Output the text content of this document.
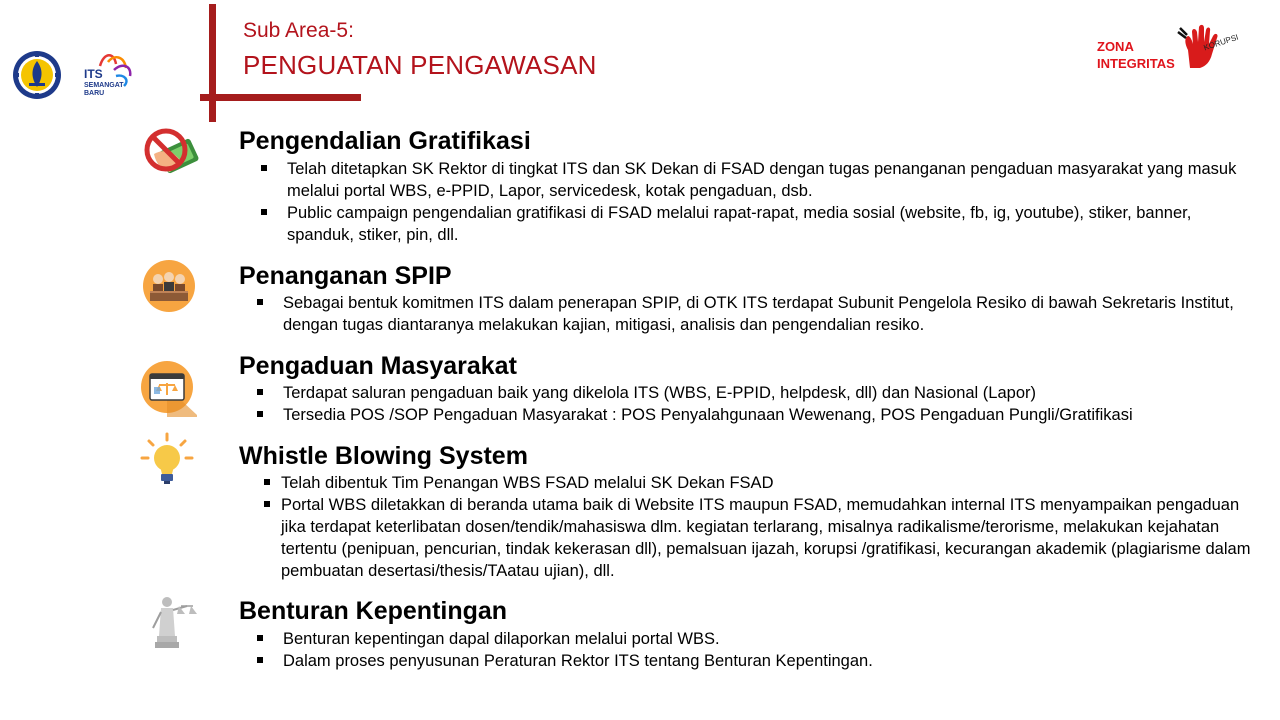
ITS
SEMANGAT
BARU
Sub Area-5:
PENGUATAN PENGAWASAN
ZONA
INTEGRITAS
KORUPSI
Pengendalian Gratifikasi
Telah ditetapkan SK Rektor di tingkat ITS dan SK Dekan di FSAD dengan tugas penanganan pengaduan masyarakat yang masuk melalui portal WBS, e-PPID, Lapor, servicedesk, kotak pengaduan, dsb.
Public campaign pengendalian gratifikasi di FSAD melalui rapat-rapat, media sosial (website, fb, ig, youtube), stiker, banner, spanduk, stiker, pin, dll.
Penanganan SPIP
Sebagai bentuk komitmen ITS dalam penerapan SPIP, di OTK ITS terdapat Subunit Pengelola Resiko di bawah Sekretaris Institut, dengan tugas diantaranya melakukan kajian, mitigasi, analisis dan pengendalian resiko.
Pengaduan Masyarakat
Terdapat saluran pengaduan baik yang dikelola ITS (WBS, E-PPID, helpdesk, dll) dan Nasional (Lapor)
Tersedia POS /SOP Pengaduan Masyarakat : POS Penyalahgunaan Wewenang, POS Pengaduan Pungli/Gratifikasi
Whistle Blowing System
Telah dibentuk Tim Penangan WBS FSAD melalui SK Dekan FSAD
Portal WBS diletakkan di beranda utama baik di Website ITS maupun FSAD, memudahkan internal ITS menyampaikan pengaduan jika terdapat keterlibatan dosen/tendik/mahasiswa dlm. kegiatan terlarang, misalnya radikalisme/terorisme, melakukan kejahatan tertentu (penipuan, pencurian, tindak kekerasan dll), pemalsuan ijazah, korupsi /gratifikasi, kecurangan akademik (plagiarisme dalam pembuatan desertasi/thesis/TAatau ujian), dll.
Benturan Kepentingan
Benturan kepentingan dapal dilaporkan melalui portal WBS.
Dalam proses penyusunan Peraturan Rektor ITS tentang Benturan Kepentingan.
